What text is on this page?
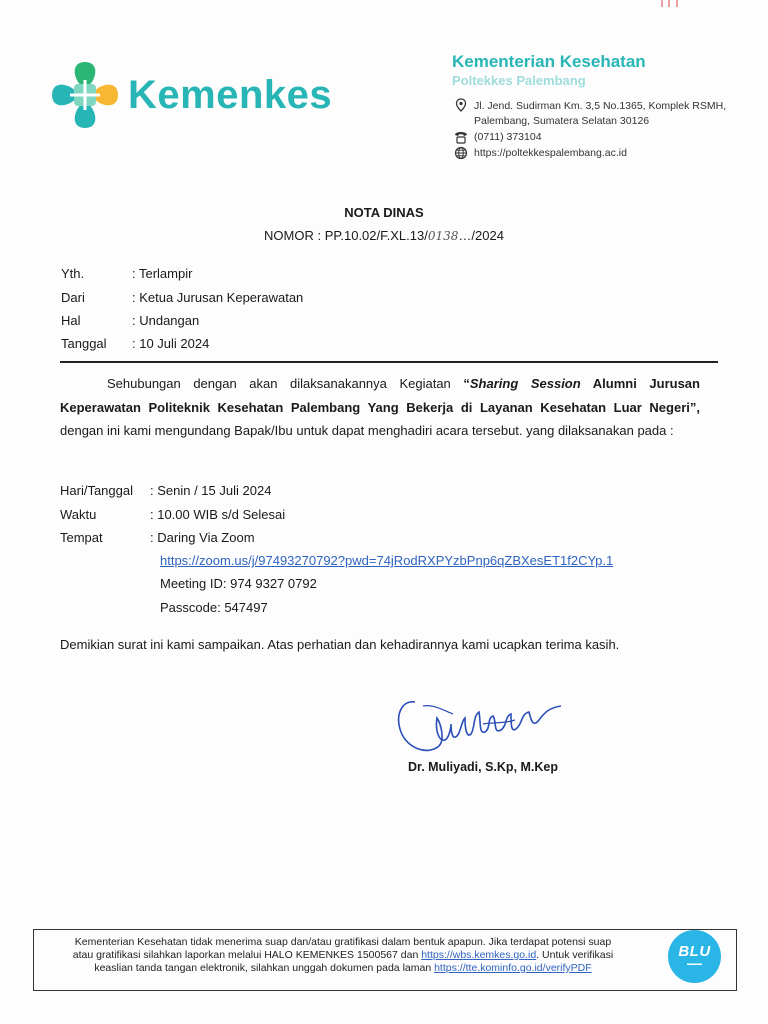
Kemenkes
Kementerian Kesehatan
Poltekkes Palembang
Jl. Jend. Sudirman Km. 3,5 No.1365, Komplek RSMH,
Palembang, Sumatera Selatan 30126
(0711) 373104
https://poltekkespalembang.ac.id
NOTA DINAS
NOMOR : PP.10.02/F.XL.13/0138…/2024
Yth.	: Terlampir
Dari	: Ketua Jurusan Keperawatan
Hal	: Undangan
Tanggal : 10 Juli 2024
Sehubungan dengan akan dilaksanakannya Kegiatan “Sharing Session Alumni Jurusan Keperawatan Politeknik Kesehatan Palembang Yang Bekerja di Layanan Kesehatan Luar Negeri”, dengan ini kami mengundang Bapak/Ibu untuk dapat menghadiri acara tersebut. yang dilaksanakan pada :
Hari/Tanggal : Senin / 15 Juli 2024
Waktu	: 10.00 WIB s/d Selesai
Tempat	: Daring Via Zoom
https://zoom.us/j/97493270792?pwd=74jRodRXPYzbPnp6qZBXesET1f2CYp.1
Meeting ID: 974 9327 0792
Passcode: 547497
Demikian surat ini kami sampaikan. Atas perhatian dan kehadirannya kami ucapkan terima kasih.
Dr. Muliyadi, S.Kp, M.Kep
Kementerian Kesehatan tidak menerima suap dan/atau gratifikasi dalam bentuk apapun. Jika terdapat potensi suap
atau gratifikasi silahkan laporkan melalui HALO KEMENKES 1500567 dan https://wbs.kemkes.go.id. Untuk verifikasi
keaslian tanda tangan elektronik, silahkan unggah dokumen pada laman https://tte.kominfo.go.id/verifyPDF
BLU
▬▬▬
